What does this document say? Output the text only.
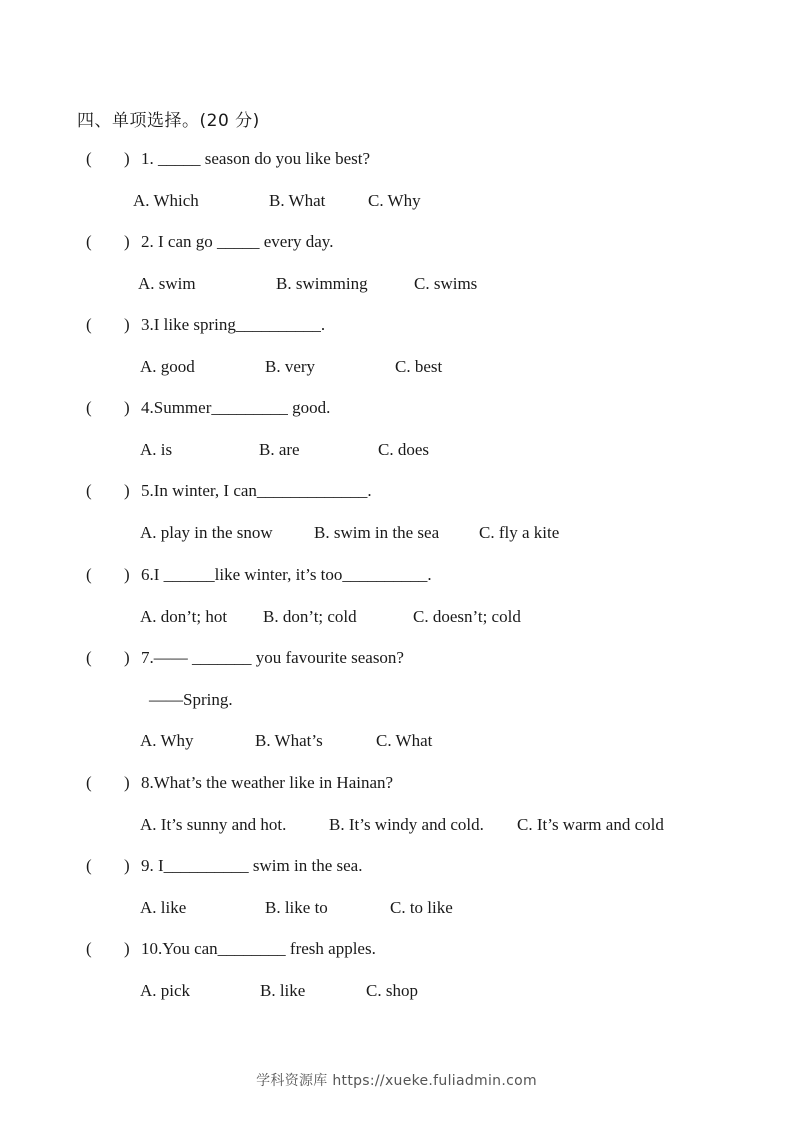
四、单项选择。(20 分)
( ) 1. _____ season do you like best?
A. Which	B. What	C. Why
( ) 2. I can go _____ every day.
A. swim	B. swimming	C. swims
( ) 3.I like spring__________.
A. good	B. very	C. best
( ) 4.Summer_________ good.
A. is	B. are	C. does
( ) 5.In winter, I can_____________.
A. play in the snow B. swim in the sea C. fly a kite
( ) 6.I ______like winter, it’s too__________.
A. don’t; hot B. don’t; cold	C. doesn’t; cold
( ) 7.—— _______ you favourite season?
——Spring.
A. Why	B. What’s	C. What
( ) 8.What’s the weather like in Hainan?
A. It’s sunny and hot.	B. It’s windy and cold. C. It’s warm and cold
( ) 9. I__________ swim in the sea.
A. like	B. like to	C. to like
( ) 10.You can________ fresh apples.
A. pick	B. like	C. shop
学科资源库 https://xueke.fuliadmin.com
